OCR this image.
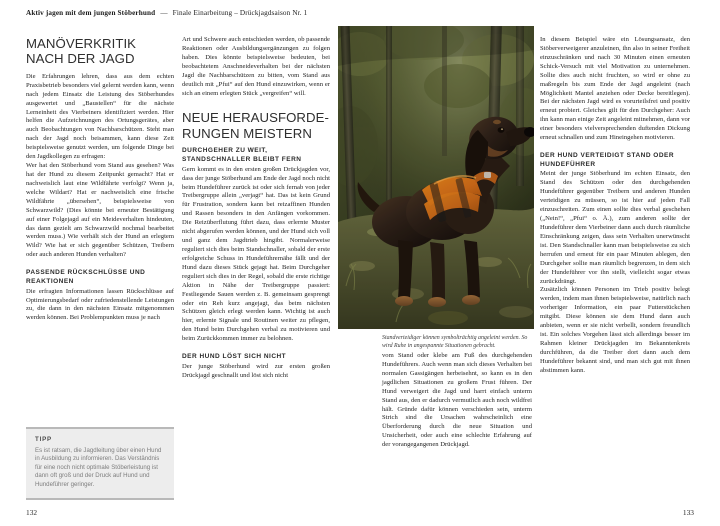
Aktiv jagen mit dem jungen Stöberhund — Finale Einarbeitung – Drückjagdsaison Nr. 1
MANÖVERKRITIK NACH DER JAGD

Die Erfahrungen lehren, dass aus dem echten Praxisbetrieb besonders viel gelernt werden kann, wenn nach jedem Einsatz die Leistung des Stöberhundes ausgewertet und „Baustellen“ für die nächste Lerneinheit des Vierbeiners identifiziert werden. Hier helfen die Aufzeichnungen des Ortungsgerätes, aber auch Beobachtungen von Nachbarschützen. Steht man nach der Jagd noch beisammen, kann diese Zeit beispielsweise genutzt werden, um folgende Dinge bei den Jagdkollegen zu erfragen:

Wer hat den Stöberhund vom Stand aus gesehen? Was hat der Hund zu diesem Zeitpunkt gemacht? Hat er nachweislich laut eine Wildfährte verfolgt? Wenn ja, welche Wildart? Hat er nachweislich eine frische Wildfährte „übersehen“, beispielsweise von Schwarzwild? (Dies könnte bei erneuter Bestätigung auf einer Folgejagd auf ein Meideverhalten hindeuten, das dann gezielt am Schwarzwild nochmal bearbeitet werden muss.) Wie verhält sich der Hund an erlegtem Wild? Wie hat er sich gegenüber Schützen, Treibern oder auch anderen Hunden verhalten?

PASSENDE RÜCKSCHLÜSSE UND REAKTIONEN

Die erfragten Informationen lassen Rückschlüsse auf Optimierungsbedarf oder zufriedenstellende Leistungen zu, die dann in den nächsten Einsatz mitgenommen werden können. Bei Problempunkten muss je nach

TIPP
Es ist ratsam, die Jagdleitung über einen Hund in Ausbildung zu informieren. Das Verständnis für eine noch nicht optimale Stöberleistung ist dann oft groß und der Druck auf Hund und Hundeführer geringer.

Art und Schwere auch entschieden werden, ob passende Reaktionen oder Ausbildungsergänzungen zu folgen haben. Dies könnte beispielsweise bedeuten, bei beobachtetem Anschneideverhalten bei der nächsten Jagd die Nachbarschützen zu bitten, vom Stand aus deutlich mit „Pfui“ auf den Hund einzuwirken, wenn er sich an einem erlegten Stück „vergreifen“ will.

NEUE HERAUSFORDE-RUNGEN MEISTERN
DURCHGEHER ZU WEIT, STANDSCHNALLER BLEIBT FERN

Gern kommt es in den ersten großen Drückjagden vor, dass der junge Stöberhund am Ende der Jagd noch nicht beim Hundeführer zurück ist oder sich fernab von jeder Treibergruppe allein „verjagt“ hat. Das ist kein Grund für Frustration, sondern kann bei reizaffinen Hunden und Rassen besonders in den Anfängen vorkommen. Die Reizüberflutung führt dazu, dass erlernte Muster nicht abgerufen werden können, und der Hund sich voll und ganz dem Jagdtrieb hingibt. Normalerweise reguliert sich dies beim Standschnaller, sobald der erste erfolgreiche Schuss in Hundeführernähe fällt und der Hund dazu dieses Stück gejagt hat. Beim Durchgeher reguliert sich dies in der Regel, sobald die erste richtige Aktion in Nähe der Treibergruppe passiert: Festliegende Sauen werden z. B. gemeinsam gesprengt oder ein Reh kurz angejagt, das beim nächsten Schützen gleich erlegt werden kann. Wichtig ist auch hier, erlernte Signale und Routinen weiter zu pflegen, den Hund beim Durchgehen verbal zu motivieren und beim Zurückkommen immer zu belohnen.

DER HUND LÖST SICH NICHT

Der junge Stöberhund wird zur ersten großen Drückjagd geschnallt und löst sich nicht

Standverteidiger können symbolträchtig angeleint werden. So wird Ruhe in angespannte Situationen gebracht.

vom Stand oder klebe am Fuß des durchgehenden Hundeführers. Auch wenn man sich dieses Verhalten bei normalen Gassigängen herbeisehnt, so kann es in den jagdlichen Situationen zu großem Frust führen. Der Hund verweigert die Jagd und harrt einfach unterm Stand aus, den er dadurch vermutlich auch noch wildfrei hält. Gründe dafür können verschieden sein, unterm Strich sind die Ursachen wahrscheinlich eine Überforderung durch die neue Situation und Unsicherheit, oder auch eine schlechte Erfahrung auf der vorangegangenen Drückjagd.

In diesem Beispiel wäre ein Lösungsansatz, den Stöberverweigerer anzuleinen, ihn also in seiner Freiheit einzuschränken und nach 30 Minuten einen erneuten Schick-Versuch mit viel Motivation zu unternehmen. Sollte dies auch nicht fruchten, so wird er ohne zu maßregeln bis zum Ende der Jagd angeleint (nach Möglichkeit Mantel anziehen oder Decke bereitlegen). Bei der nächsten Jagd wird es vorurteilsfrei und positiv erneut probiert. Gleiches gilt für den Durchgeher: Auch ihn kann man einige Zeit angeleint mitnehmen, dann vor einer besonders vielversprechenden duftenden Dickung erneut schnallen und zum Hineingehen motivieren.

DER HUND VERTEIDIGT STAND ODER HUNDEFÜHRER

Meint der junge Stöberhund im echten Einsatz, den Stand des Schützen oder den durchgehenden Hundeführer gegenüber Treibern und anderen Hunden verteidigen zu müssen, so ist hier auf jeden Fall einzuschreiten. Zum einen sollte dies verbal geschehen („Nein!“, „Pfui“ o. Ä.), zum anderen sollte der Hundeführer dem Vierbeiner dann auch durch räumliche Einschränkung zeigen, dass sein Verhalten unerwünscht ist. Den Standschnaller kann man beispielsweise zu sich herrufen und erneut für ein paar Minuten ablegen, den Durchgeher sollte man räumlich begrenzen, in dem sich der Hundeführer vor ihn stellt, vielleicht sogar etwas zurückdrängt.

Zusätzlich können Personen im Trieb positiv belegt werden, indem man ihnen beispielsweise, natürlich nach vorheriger Information, ein paar Futterstückchen mitgibt. Diese können sie dem Hund dann auch anbieten, wenn er sie nicht verbellt, sondern freundlich ist. Ein solches Vorgehen lässt sich allerdings besser im Rahmen kleiner Drückjagden im Bekanntenkreis durchführen, da die Treiber dort dann auch dem Hundeführer bekannt sind, und man sich gut mit ihnen abstimmen kann.

132	133
